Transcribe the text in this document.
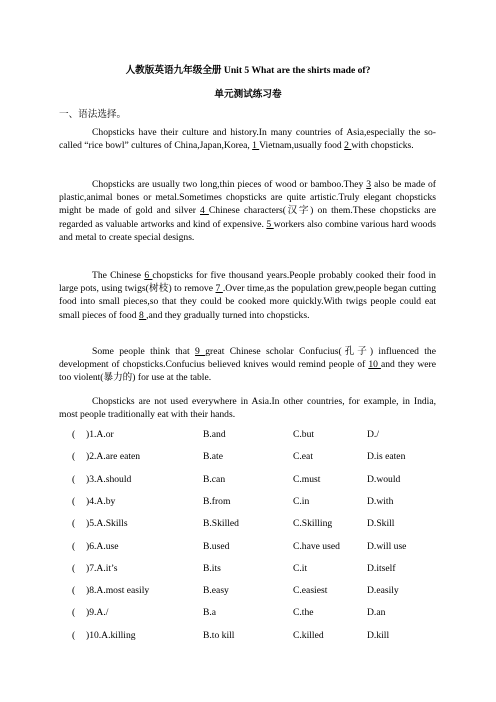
人教版英语九年级全册 Unit 5 What are the shirts made of?
单元测试练习卷
一、语法选择。

Chopsticks have their culture and history.In many countries of Asia,especially the so-called “rice bowl” cultures of China,Japan,Korea, 1 Vietnam,usually food 2 with chopsticks.

Chopsticks are usually two long,thin pieces of wood or bamboo.They 3 also be made of plastic,animal bones or metal.Sometimes chopsticks are quite artistic.Truly elegant chopsticks might be made of gold and silver 4 Chinese characters(汉字) on them.These chopsticks are regarded as valuable artworks and kind of expensive. 5 workers also combine various hard woods and metal to create special designs.

The Chinese 6 chopsticks for five thousand years.People probably cooked their food in large pots, using twigs(树枝) to remove 7 .Over time,as the population grew,people began cutting food into small pieces,so that they could be cooked more quickly.With twigs people could eat small pieces of food 8 ,and they gradually turned into chopsticks.

Some people think that 9 great Chinese scholar Confucius(孔子) influenced the development of chopsticks.Confucius believed knives would remind people of 10 and they were too violent(暴力的) for use at the table.

Chopsticks are not used everywhere in Asia.In other countries, for example, in India, most people traditionally eat with their hands.

( )1.A.or	B.and	C.but	D./
( )2.A.are eaten	B.ate	C.eat	D.is eaten
( )3.A.should	B.can	C.must	D.would
( )4.A.by	B.from	C.in	D.with
( )5.A.Skills	B.Skilled	C.Skilling	D.Skill
( )6.A.use	B.used	C.have used	D.will use
( )7.A.it’s	B.its	C.it	D.itself
( )8.A.most easily	B.easy	C.easiest	D.easily
( )9.A./	B.a	C.the	D.an
( )10.A.killing	B.to kill	C.killed	D.kill
